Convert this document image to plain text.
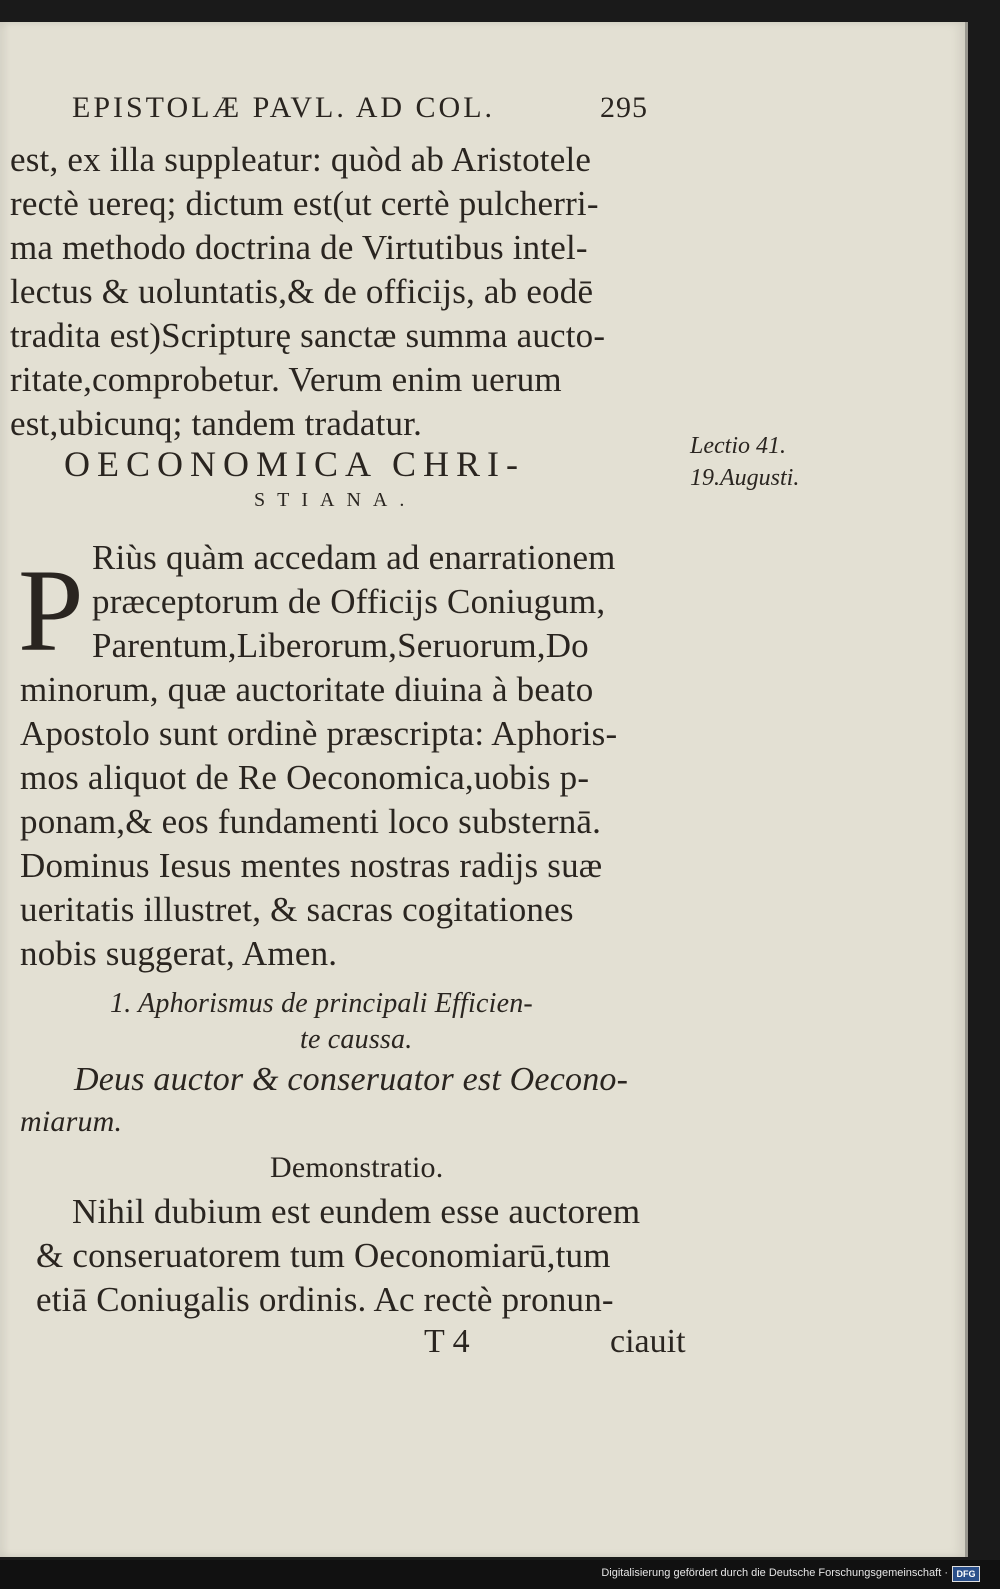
EPISTOLÆ PAVL. AD COL.	295
est, ex illa suppleatur: quòd ab Aristotele
rectè uereq; dictum est(ut certè pulcherri-
ma methodo doctrina de Virtutibus intel-
lectus & uoluntatis,& de officijs, ab eodē
tradita est)Scripturę sanctæ summa aucto-
ritate,comprobetur. Verum enim uerum
est,ubicunq; tandem tradatur.
OECONOMICA CHRI-
STIANA.
Lectio 41.
19.Augusti.
P Riùs quàm accedam ad enarrationem
præceptorum de Officijs Coniugum,
Parentum,Liberorum,Seruorum,Do
minorum, quæ auctoritate diuina à beato
Apostolo sunt ordinè præscripta: Aphoris-
mos aliquot de Re Oeconomica,uobis p-
ponam,& eos fundamenti loco substernā.
Dominus Iesus mentes nostras radijs suæ
ueritatis illustret, & sacras cogitationes
nobis suggerat, Amen.
1. Aphorismus de principali Efficien-
te caussa.
Deus auctor & conseruator est Oecono-
miarum.
Demonstratio.
Nihil dubium est eundem esse auctorem
& conseruatorem tum Oeconomiarū,tum
etiā Coniugalis ordinis. Ac rectè pronun-
T 4	ciauit
Digitalisierung gefördert durch die Deutsche Forschungsgemeinschaft · DFG
